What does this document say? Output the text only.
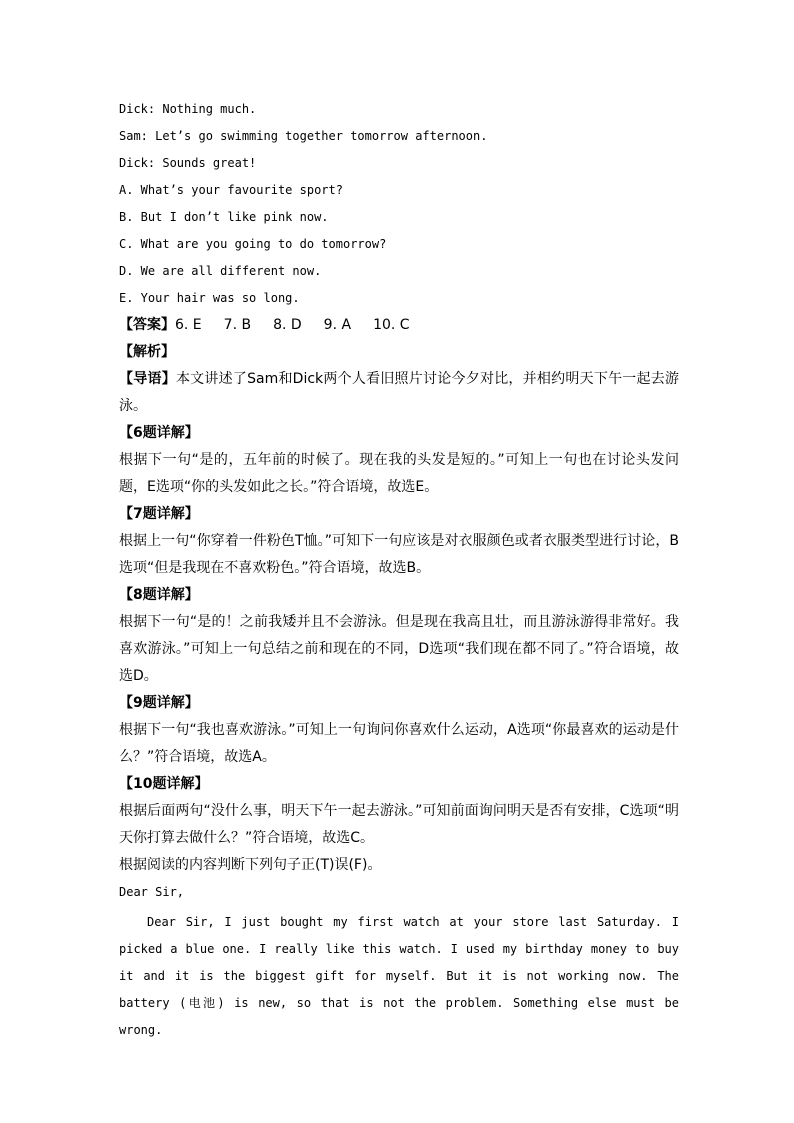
Dick: Nothing much.
Sam: Let’s go swimming together tomorrow afternoon.
Dick: Sounds great!
A. What’s your favourite sport?
B. But I don’t like pink now.
C. What are you going to do tomorrow?
D. We are all different now.
E. Your hair was so long.
【答案】6. E 7. B 8. D 9. A 10. C
【解析】
【导语】本文讲述了Sam和Dick两个人看旧照片讨论今夕对比，并相约明天下午一起去游泳。
【6题详解】
根据下一句“是的，五年前的时候了。现在我的头发是短的。”可知上一句也在讨论头发问题，E选项“你的头发如此之长。”符合语境，故选E。
【7题详解】
根据上一句“你穿着一件粉色T恤。”可知下一句应该是对衣服颜色或者衣服类型进行讨论，B选项“但是我现在不喜欢粉色。”符合语境，故选B。
【8题详解】
根据下一句“是的！之前我矮并且不会游泳。但是现在我高且壮，而且游泳游得非常好。我喜欢游泳。”可知上一句总结之前和现在的不同，D选项“我们现在都不同了。”符合语境，故选D。
【9题详解】
根据下一句“我也喜欢游泳。”可知上一句询问你喜欢什么运动，A选项“你最喜欢的运动是什么？”符合语境，故选A。
【10题详解】
根据后面两句“没什么事，明天下午一起去游泳。”可知前面询问明天是否有安排，C选项“明天你打算去做什么？”符合语境，故选C。
根据阅读的内容判断下列句子正(T)误(F)。
Dear Sir,
Dear Sir, I just bought my first watch at your store last Saturday. I picked a blue one. I really like this watch. I used my birthday money to buy it and it is the biggest gift for myself. But it is not working now. The battery (电池) is new, so that is not the problem. Something else must be wrong.
